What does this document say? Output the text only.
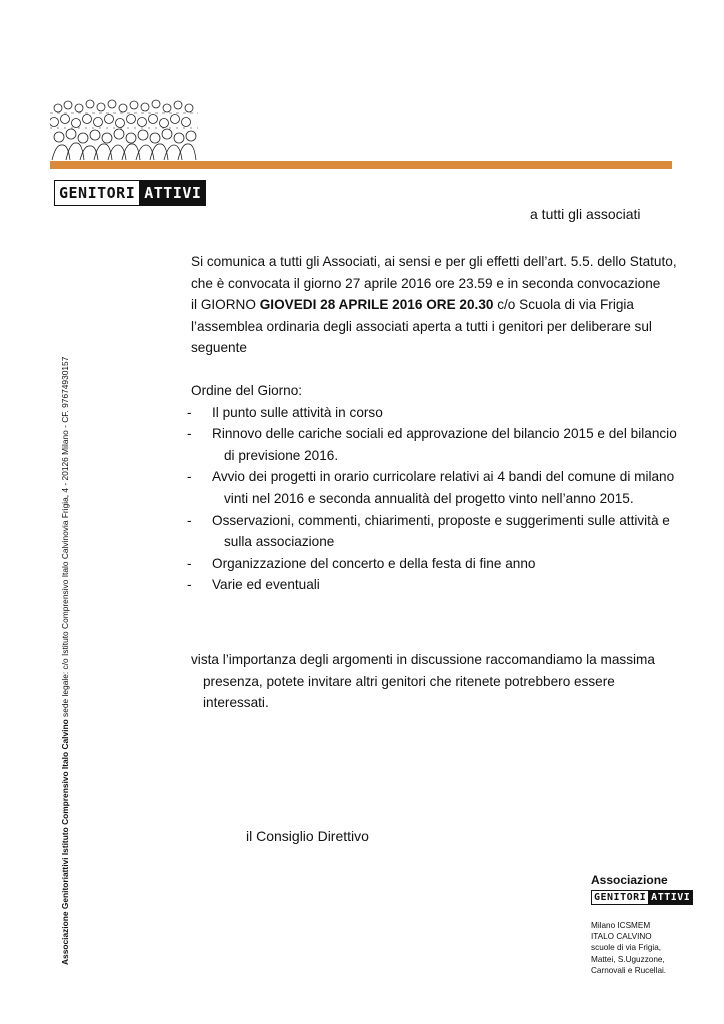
GENITORI ATTIVI
a tutti gli associati

Si comunica a tutti gli Associati, ai sensi e per gli effetti dell’art. 5.5. dello Statuto,

che è convocata il giorno 27 aprile 2016 ore 23.59 e in seconda convocazione

il GIORNO GIOVEDI 28 APRILE 2016 ORE 20.30 c/o Scuola di via Frigia

l’assemblea ordinaria degli associati aperta a tutti i genitori per deliberare sul

seguente

Ordine del Giorno:

-	Il punto sulle attività in corso
-	Rinnovo delle cariche sociali ed approvazione del bilancio 2015 e del bilancio
di previsione 2016.
-	Avvio dei progetti in orario curricolare relativi ai 4 bandi del comune di milano
vinti nel 2016 e seconda annualità del progetto vinto nell’anno 2015.
-	Osservazioni, commenti, chiarimenti, proposte e suggerimenti sulle attività e
sulla associazione
-	Organizzazione del concerto e della festa di fine anno
-	Varie ed eventuali
vista l’importanza degli argomenti in discussione raccomandiamo la massima
presenza, potete invitare altri genitori che ritenete potrebbero essere
interessati.
il Consiglio Direttivo
Associazione
GENITORI ATTIVI
Milano ICSMEM
ITALO CALVINO
scuole di via Frigia,
Mattei, S.Uguzzone,
Carnovali e Rucellai.
Associazione Genitoriattivi Istituto Comprensivo Italo Calvino sede legale: c/o Istituto Comprensivo Italo Calvinovia Frigia, 4 - 20126 Milano - CF. 97674930157
